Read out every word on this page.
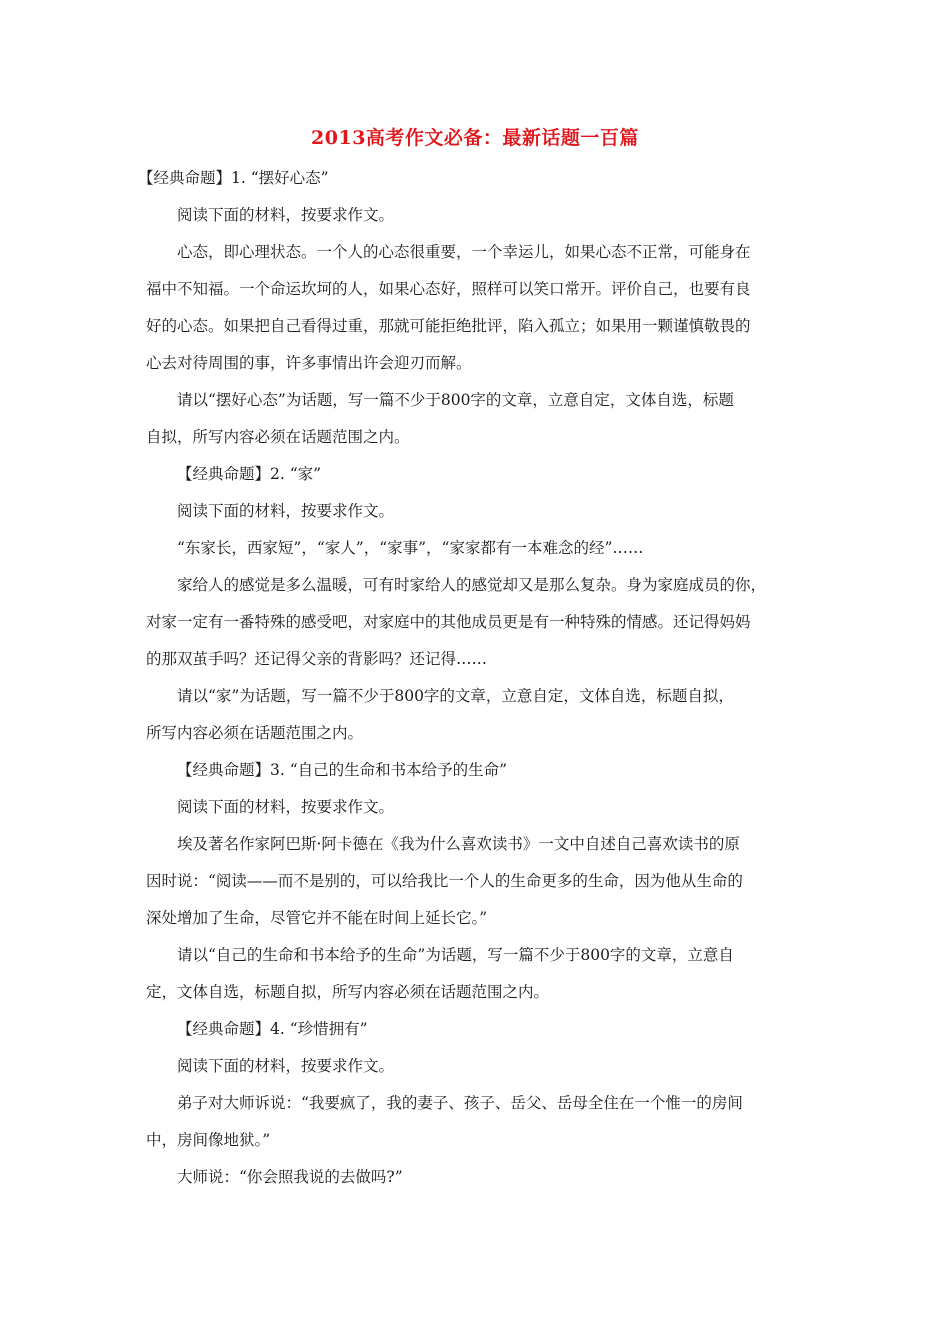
2013高考作文必备：最新话题一百篇

【经典命题】1. “摆好心态”

阅读下面的材料，按要求作文。

心态，即心理状态。一个人的心态很重要，一个幸运儿，如果心态不正常，可能身在
福中不知福。一个命运坎坷的人，如果心态好，照样可以笑口常开。评价自己，也要有良
好的心态。如果把自己看得过重，那就可能拒绝批评，陷入孤立；如果用一颗谨慎敬畏的
心去对待周围的事，许多事情出许会迎刃而解。

请以“摆好心态”为话题，写一篇不少于800字的文章，立意自定，文体自选，标题
自拟，所写内容必须在话题范围之内。

【经典命题】2. “家”

阅读下面的材料，按要求作文。

“东家长，西家短”，“家人”，“家事”，“家家都有一本难念的经”……

家给人的感觉是多么温暖，可有时家给人的感觉却又是那么复杂。身为家庭成员的你，
对家一定有一番特殊的感受吧，对家庭中的其他成员更是有一种特殊的情感。还记得妈妈
的那双茧手吗？还记得父亲的背影吗？还记得……

请以“家”为话题，写一篇不少于800字的文章，立意自定，文体自选，标题自拟，
所写内容必须在话题范围之内。

【经典命题】3. “自己的生命和书本给予的生命”

阅读下面的材料，按要求作文。

埃及著名作家阿巴斯·阿卡德在《我为什么喜欢读书》一文中自述自己喜欢读书的原
因时说：“阅读——而不是别的，可以给我比一个人的生命更多的生命，因为他从生命的
深处增加了生命，尽管它并不能在时间上延长它。”

请以“自己的生命和书本给予的生命”为话题，写一篇不少于800字的文章，立意自
定，文体自选，标题自拟，所写内容必须在话题范围之内。

【经典命题】4. “珍惜拥有”

阅读下面的材料，按要求作文。

弟子对大师诉说：“我要疯了，我的妻子、孩子、岳父、岳母全住在一个惟一的房间
中，房间像地狱。”

大师说：“你会照我说的去做吗?”
